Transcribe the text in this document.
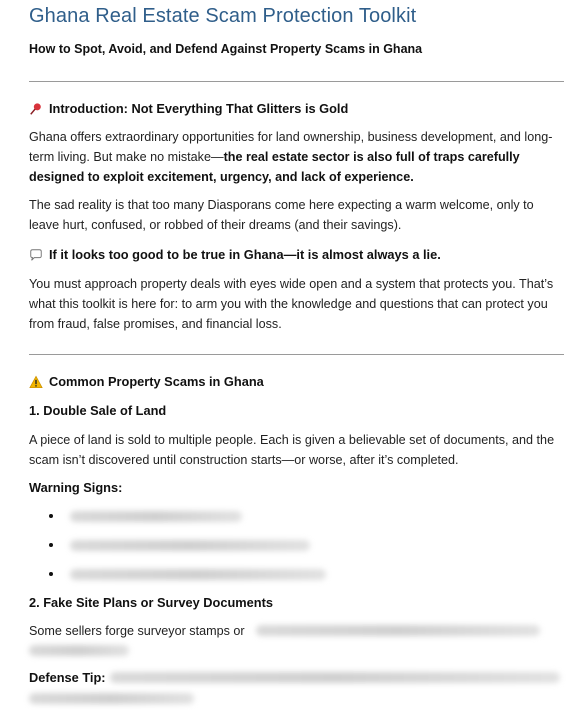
Ghana Real Estate Scam Protection Toolkit
How to Spot, Avoid, and Defend Against Property Scams in Ghana
Introduction: Not Everything That Glitters is Gold
Ghana offers extraordinary opportunities for land ownership, business development, and long-term living. But make no mistake—the real estate sector is also full of traps carefully designed to exploit excitement, urgency, and lack of experience.
The sad reality is that too many Diasporans come here expecting a warm welcome, only to leave hurt, confused, or robbed of their dreams (and their savings).
If it looks too good to be true in Ghana—it is almost always a lie.
You must approach property deals with eyes wide open and a system that protects you. That’s what this toolkit is here for: to arm you with the knowledge and questions that can protect you from fraud, false promises, and financial loss.
Common Property Scams in Ghana
1. Double Sale of Land
A piece of land is sold to multiple people. Each is given a believable set of documents, and the scam isn’t discovered until construction starts—or worse, after it’s completed.
Warning Signs:
2. Fake Site Plans or Survey Documents
Some sellers forge surveyor stamps or
Defense Tip:
